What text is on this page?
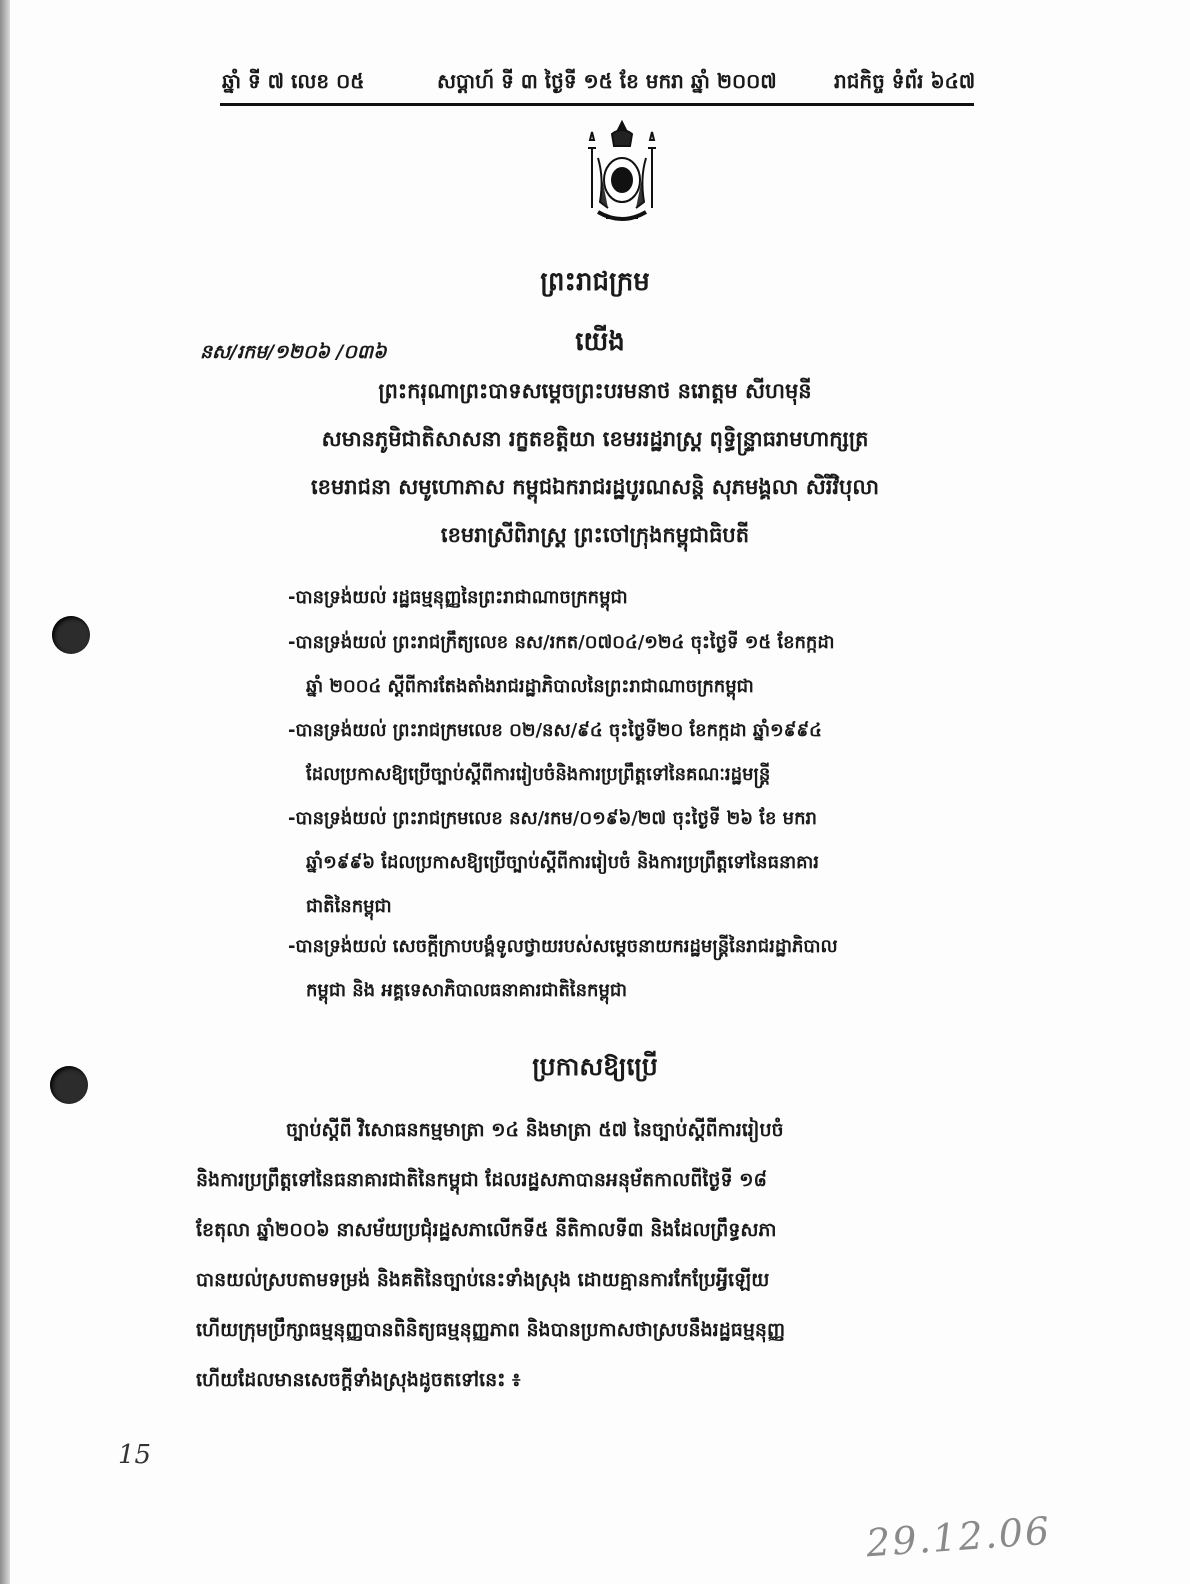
ឆ្នាំ ទី ៧ លេខ ០៥	សប្តាហ៍ ទី ៣ ថ្ងៃទី ១៥ ខែ មករា ឆ្នាំ ២០០៧	រាជកិច្ច ទំព័រ ៦៤៧
ព្រះរាជក្រម
នស/រកម/១២០៦ /០៣៦	យើង
ព្រះករុណាព្រះបាទសម្តេចព្រះបរមនាថ នរោត្តម សីហមុនី
សមានភូមិជាតិសាសនា រក្ខតខត្តិយា ខេមររដ្ឋរាស្ត្រ ពុទ្ធិន្ទ្រាធរាមហាក្សត្រ
ខេមរាជនា សមូហោភាស កម្ពុជឯករាជរដ្ឋបូរណសន្តិ សុភមង្គលា សិរីវិបុលា
ខេមរាស្រីពិរាស្ត្រ ព្រះចៅក្រុងកម្ពុជាធិបតី
-បានទ្រង់យល់ រដ្ឋធម្មនុញ្ញនៃព្រះរាជាណាចក្រកម្ពុជា
-បានទ្រង់យល់ ព្រះរាជក្រឹត្យលេខ នស/រកត/០៧០៤/១២៤ ចុះថ្ងៃទី ១៥ ខែកក្កដា
ឆ្នាំ ២០០៤ ស្តីពីការតែងតាំងរាជរដ្ឋាភិបាលនៃព្រះរាជាណាចក្រកម្ពុជា
-បានទ្រង់យល់ ព្រះរាជក្រមលេខ ០២/នស/៩៤ ចុះថ្ងៃទី២០ ខែកក្កដា ឆ្នាំ១៩៩៤
ដែលប្រកាសឱ្យប្រើច្បាប់ស្តីពីការរៀបចំនិងការប្រព្រឹត្តទៅនៃគណៈរដ្ឋមន្ត្រី
-បានទ្រង់យល់ ព្រះរាជក្រមលេខ នស/រកម/០១៩៦/២៧ ចុះថ្ងៃទី ២៦ ខែ មករា
ឆ្នាំ១៩៩៦ ដែលប្រកាសឱ្យប្រើច្បាប់ស្តីពីការរៀបចំ និងការប្រព្រឹត្តទៅនៃធនាគារ
ជាតិនៃកម្ពុជា
-បានទ្រង់យល់ សេចក្តីក្រាបបង្គំទូលថ្វាយរបស់សម្តេចនាយករដ្ឋមន្ត្រីនៃរាជរដ្ឋាភិបាល
កម្ពុជា និង អគ្គទេសាភិបាលធនាគារជាតិនៃកម្ពុជា
ប្រកាសឱ្យប្រើ
ច្បាប់ស្តីពី វិសោធនកម្មមាត្រា ១៤ និងមាត្រា ៥៧ នៃច្បាប់ស្តីពីការរៀបចំ
និងការប្រព្រឹត្តទៅនៃធនាគារជាតិនៃកម្ពុជា ដែលរដ្ឋសភាបានអនុម័តកាលពីថ្ងៃទី ១៨
ខែតុលា ឆ្នាំ២០០៦ នាសម័យប្រជុំរដ្ឋសភាលើកទី៥ នីតិកាលទី៣ និងដែលព្រឹទ្ធសភា
បានយល់ស្របតាមទម្រង់ និងគតិនៃច្បាប់នេះទាំងស្រុង ដោយគ្មានការកែប្រែអ្វីឡើយ
ហើយក្រុមប្រឹក្សាធម្មនុញ្ញបានពិនិត្យធម្មនុញ្ញភាព និងបានប្រកាសថាស្របនឹងរដ្ឋធម្មនុញ្ញ
ហើយដែលមានសេចក្តីទាំងស្រុងដូចតទៅនេះ ៖
15
29.12.06
